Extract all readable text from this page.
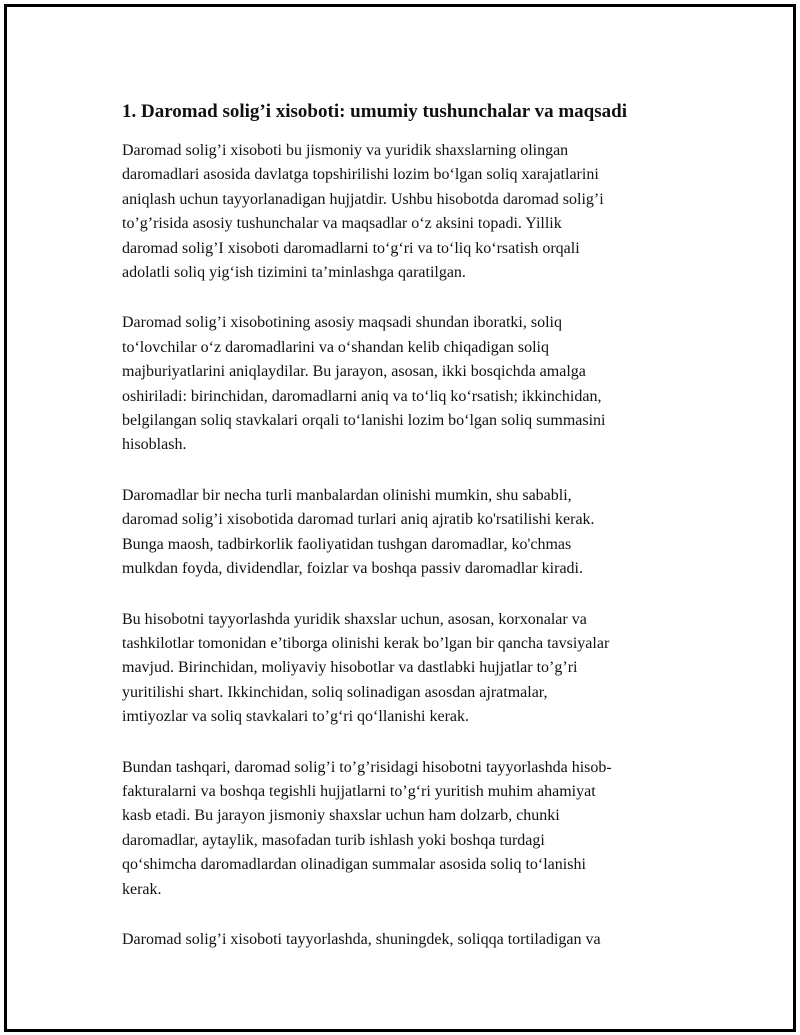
1. Daromad solig’i xisoboti: umumiy tushunchalar va maqsadi
Daromad solig’i xisoboti bu jismoniy va yuridik shaxslarning olingan
daromadlari asosida davlatga topshirilishi lozim bo‘lgan soliq xarajatlarini
aniqlash uchun tayyorlanadigan hujjatdir. Ushbu hisobotda daromad solig’i
to’g’risida asosiy tushunchalar va maqsadlar o‘z aksini topadi. Yillik
daromad solig’I xisoboti daromadlarni to‘g‘ri va to‘liq ko‘rsatish orqali
adolatli soliq yig‘ish tizimini ta’minlashga qaratilgan.
Daromad solig’i xisobotining asosiy maqsadi shundan iboratki, soliq
to‘lovchilar o‘z daromadlarini va o‘shandan kelib chiqadigan soliq
majburiyatlarini aniqlaydilar. Bu jarayon, asosan, ikki bosqichda amalga
oshiriladi: birinchidan, daromadlarni aniq va to‘liq ko‘rsatish; ikkinchidan,
belgilangan soliq stavkalari orqali to‘lanishi lozim bo‘lgan soliq summasini
hisoblash.
Daromadlar bir necha turli manbalardan olinishi mumkin, shu sababli,
daromad solig’i xisobotida daromad turlari aniq ajratib ko'rsatilishi kerak.
Bunga maosh, tadbirkorlik faoliyatidan tushgan daromadlar, ko'chmas
mulkdan foyda, dividendlar, foizlar va boshqa passiv daromadlar kiradi.
Bu hisobotni tayyorlashda yuridik shaxslar uchun, asosan, korxonalar va
tashkilotlar tomonidan e’tiborga olinishi kerak bo’lgan bir qancha tavsiyalar
mavjud. Birinchidan, moliyaviy hisobotlar va dastlabki hujjatlar to’g’ri
yuritilishi shart. Ikkinchidan, soliq solinadigan asosdan ajratmalar,
imtiyozlar va soliq stavkalari to’g‘ri qo‘llanishi kerak.
Bundan tashqari, daromad solig’i to’g’risidagi hisobotni tayyorlashda hisob-
fakturalarni va boshqa tegishli hujjatlarni to’g‘ri yuritish muhim ahamiyat
kasb etadi. Bu jarayon jismoniy shaxslar uchun ham dolzarb, chunki
daromadlar, aytaylik, masofadan turib ishlash yoki boshqa turdagi
qo‘shimcha daromadlardan olinadigan summalar asosida soliq to‘lanishi
kerak.
Daromad solig’i xisoboti tayyorlashda, shuningdek, soliqqa tortiladigan va
